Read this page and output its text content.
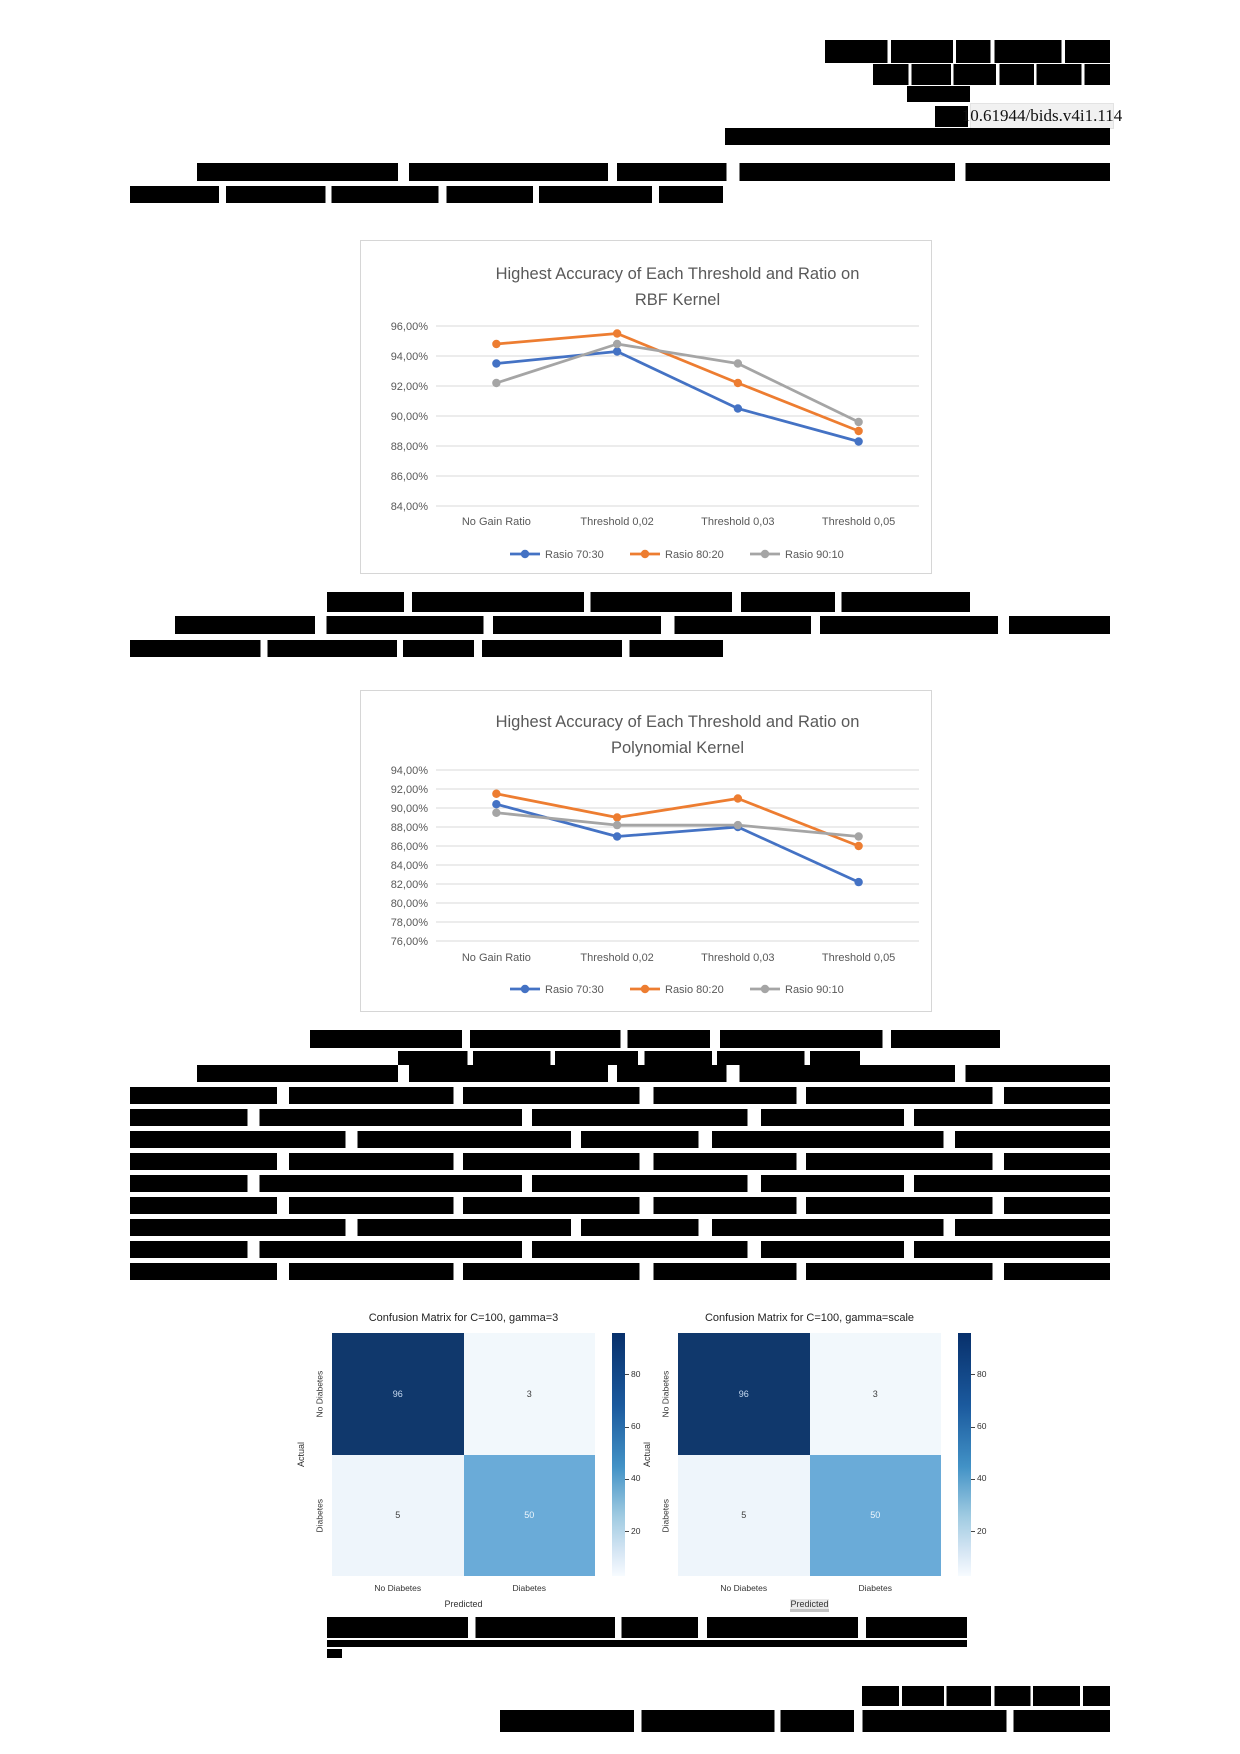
10.61944/bids.v4i1.114
Highest Accuracy of Each Threshold and Ratio on
RBF Kernel
96,00%
94,00%
92,00%
90,00%
88,00%
86,00%
84,00%
No Gain Ratio	Threshold 0,02	Threshold 0,03	Threshold 0,05
Rasio 70:30	Rasio 80:20	Rasio 90:10
Highest Accuracy of Each Threshold and Ratio on
Polynomial Kernel
94,00%
92,00%
90,00%
88,00%
86,00%
84,00%
82,00%
80,00%
78,00%
76,00%
No Gain Ratio	Threshold 0,02	Threshold 0,03	Threshold 0,05
Rasio 70:30	Rasio 80:20	Rasio 90:10
Confusion Matrix for C=100, gamma=3
96	3
5	50
No Diabetes
Diabetes
Actual
No Diabetes	Diabetes
Predicted
80
60
40
20
Confusion Matrix for C=100, gamma=scale
96	3
5	50
No Diabetes
Diabetes
Actual
No Diabetes	Diabetes
Predicted
80
60
40
20
